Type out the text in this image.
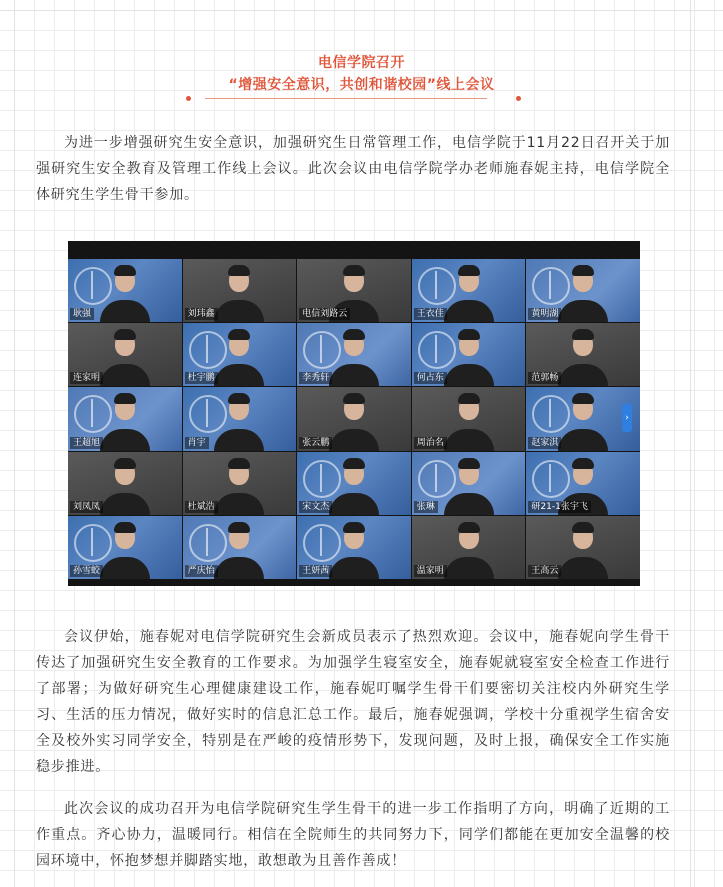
电信学院召开
“增强安全意识，共创和谐校园”线上会议

为进一步增强研究生安全意识，加强研究生日常管理工作，电信学院于11月22日召开关于加强研究生安全教育及管理工作线上会议。此次会议由电信学院学办老师施春妮主持，电信学院全体研究生学生骨干参加。

耿强	刘玮鑫	电信刘路云	王衣佳	黄明湖
连家明	杜宇鹏	李秀轩	何占东	范郭畅
王超旭	肖宇	张云鹏	周治名	赵家淇
刘凤凤	杜斌浩	宋文杰	张琳	研21-1张宇飞
孙雪蛟	严庆怡	王妍茜	温家明	王高云
›

会议伊始，施春妮对电信学院研究生会新成员表示了热烈欢迎。会议中，施春妮向学生骨干传达了加强研究生安全教育的工作要求。为加强学生寝室安全，施春妮就寝室安全检查工作进行了部署；为做好研究生心理健康建设工作，施春妮叮嘱学生骨干们要密切关注校内外研究生学习、生活的压力情况，做好实时的信息汇总工作。最后，施春妮强调，学校十分重视学生宿舍安全及校外实习同学安全，特别是在严峻的疫情形势下，发现问题，及时上报，确保安全工作实施稳步推进。

此次会议的成功召开为电信学院研究生学生骨干的进一步工作指明了方向，明确了近期的工作重点。齐心协力，温暖同行。相信在全院师生的共同努力下，同学们都能在更加安全温馨的校园环境中，怀抱梦想并脚踏实地，敢想敢为且善作善成！
